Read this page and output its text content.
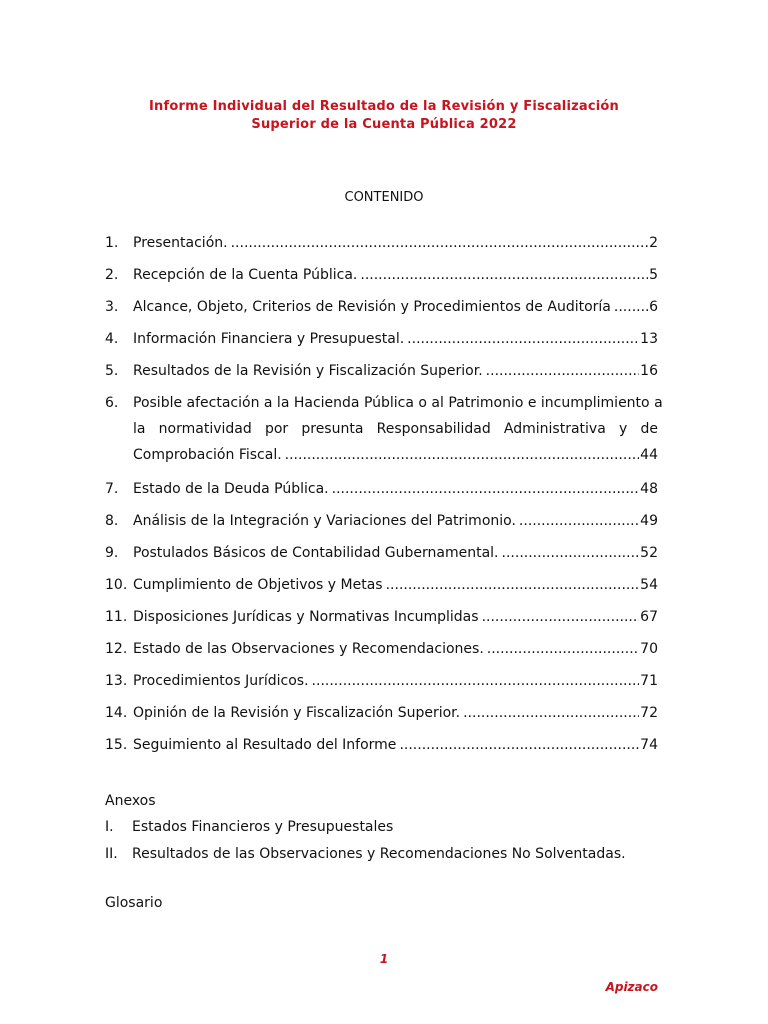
Informe Individual del Resultado de la Revisión y Fiscalización
Superior de la Cuenta Pública 2022
CONTENIDO
1.	Presentación. .....	2
2.	Recepción de la Cuenta Pública. .....	5
3.	Alcance, Objeto, Criterios de Revisión y Procedimientos de Auditoría .....	6
4.	Información Financiera y Presupuestal. .....	13
5.	Resultados de la Revisión y Fiscalización Superior. .....	16
6.	Posible afectación a la Hacienda Pública o al Patrimonio e incumplimiento a
la normatividad por presunta Responsabilidad Administrativa y de
Comprobación Fiscal. .....	44
7.	Estado de la Deuda Pública. .....	48
8.	Análisis de la Integración y Variaciones del Patrimonio. .....	49
9.	Postulados Básicos de Contabilidad Gubernamental. .....	52
10. Cumplimiento de Objetivos y Metas .....	54
11. Disposiciones Jurídicas y Normativas Incumplidas .....	67
12. Estado de las Observaciones y Recomendaciones. .....	70
13. Procedimientos Jurídicos. .....	71
14. Opinión de la Revisión y Fiscalización Superior. .....	72
15. Seguimiento al Resultado del Informe .....	74
Anexos
I.	Estados Financieros y Presupuestales
II.	Resultados de las Observaciones y Recomendaciones No Solventadas.
Glosario
1
Apizaco
